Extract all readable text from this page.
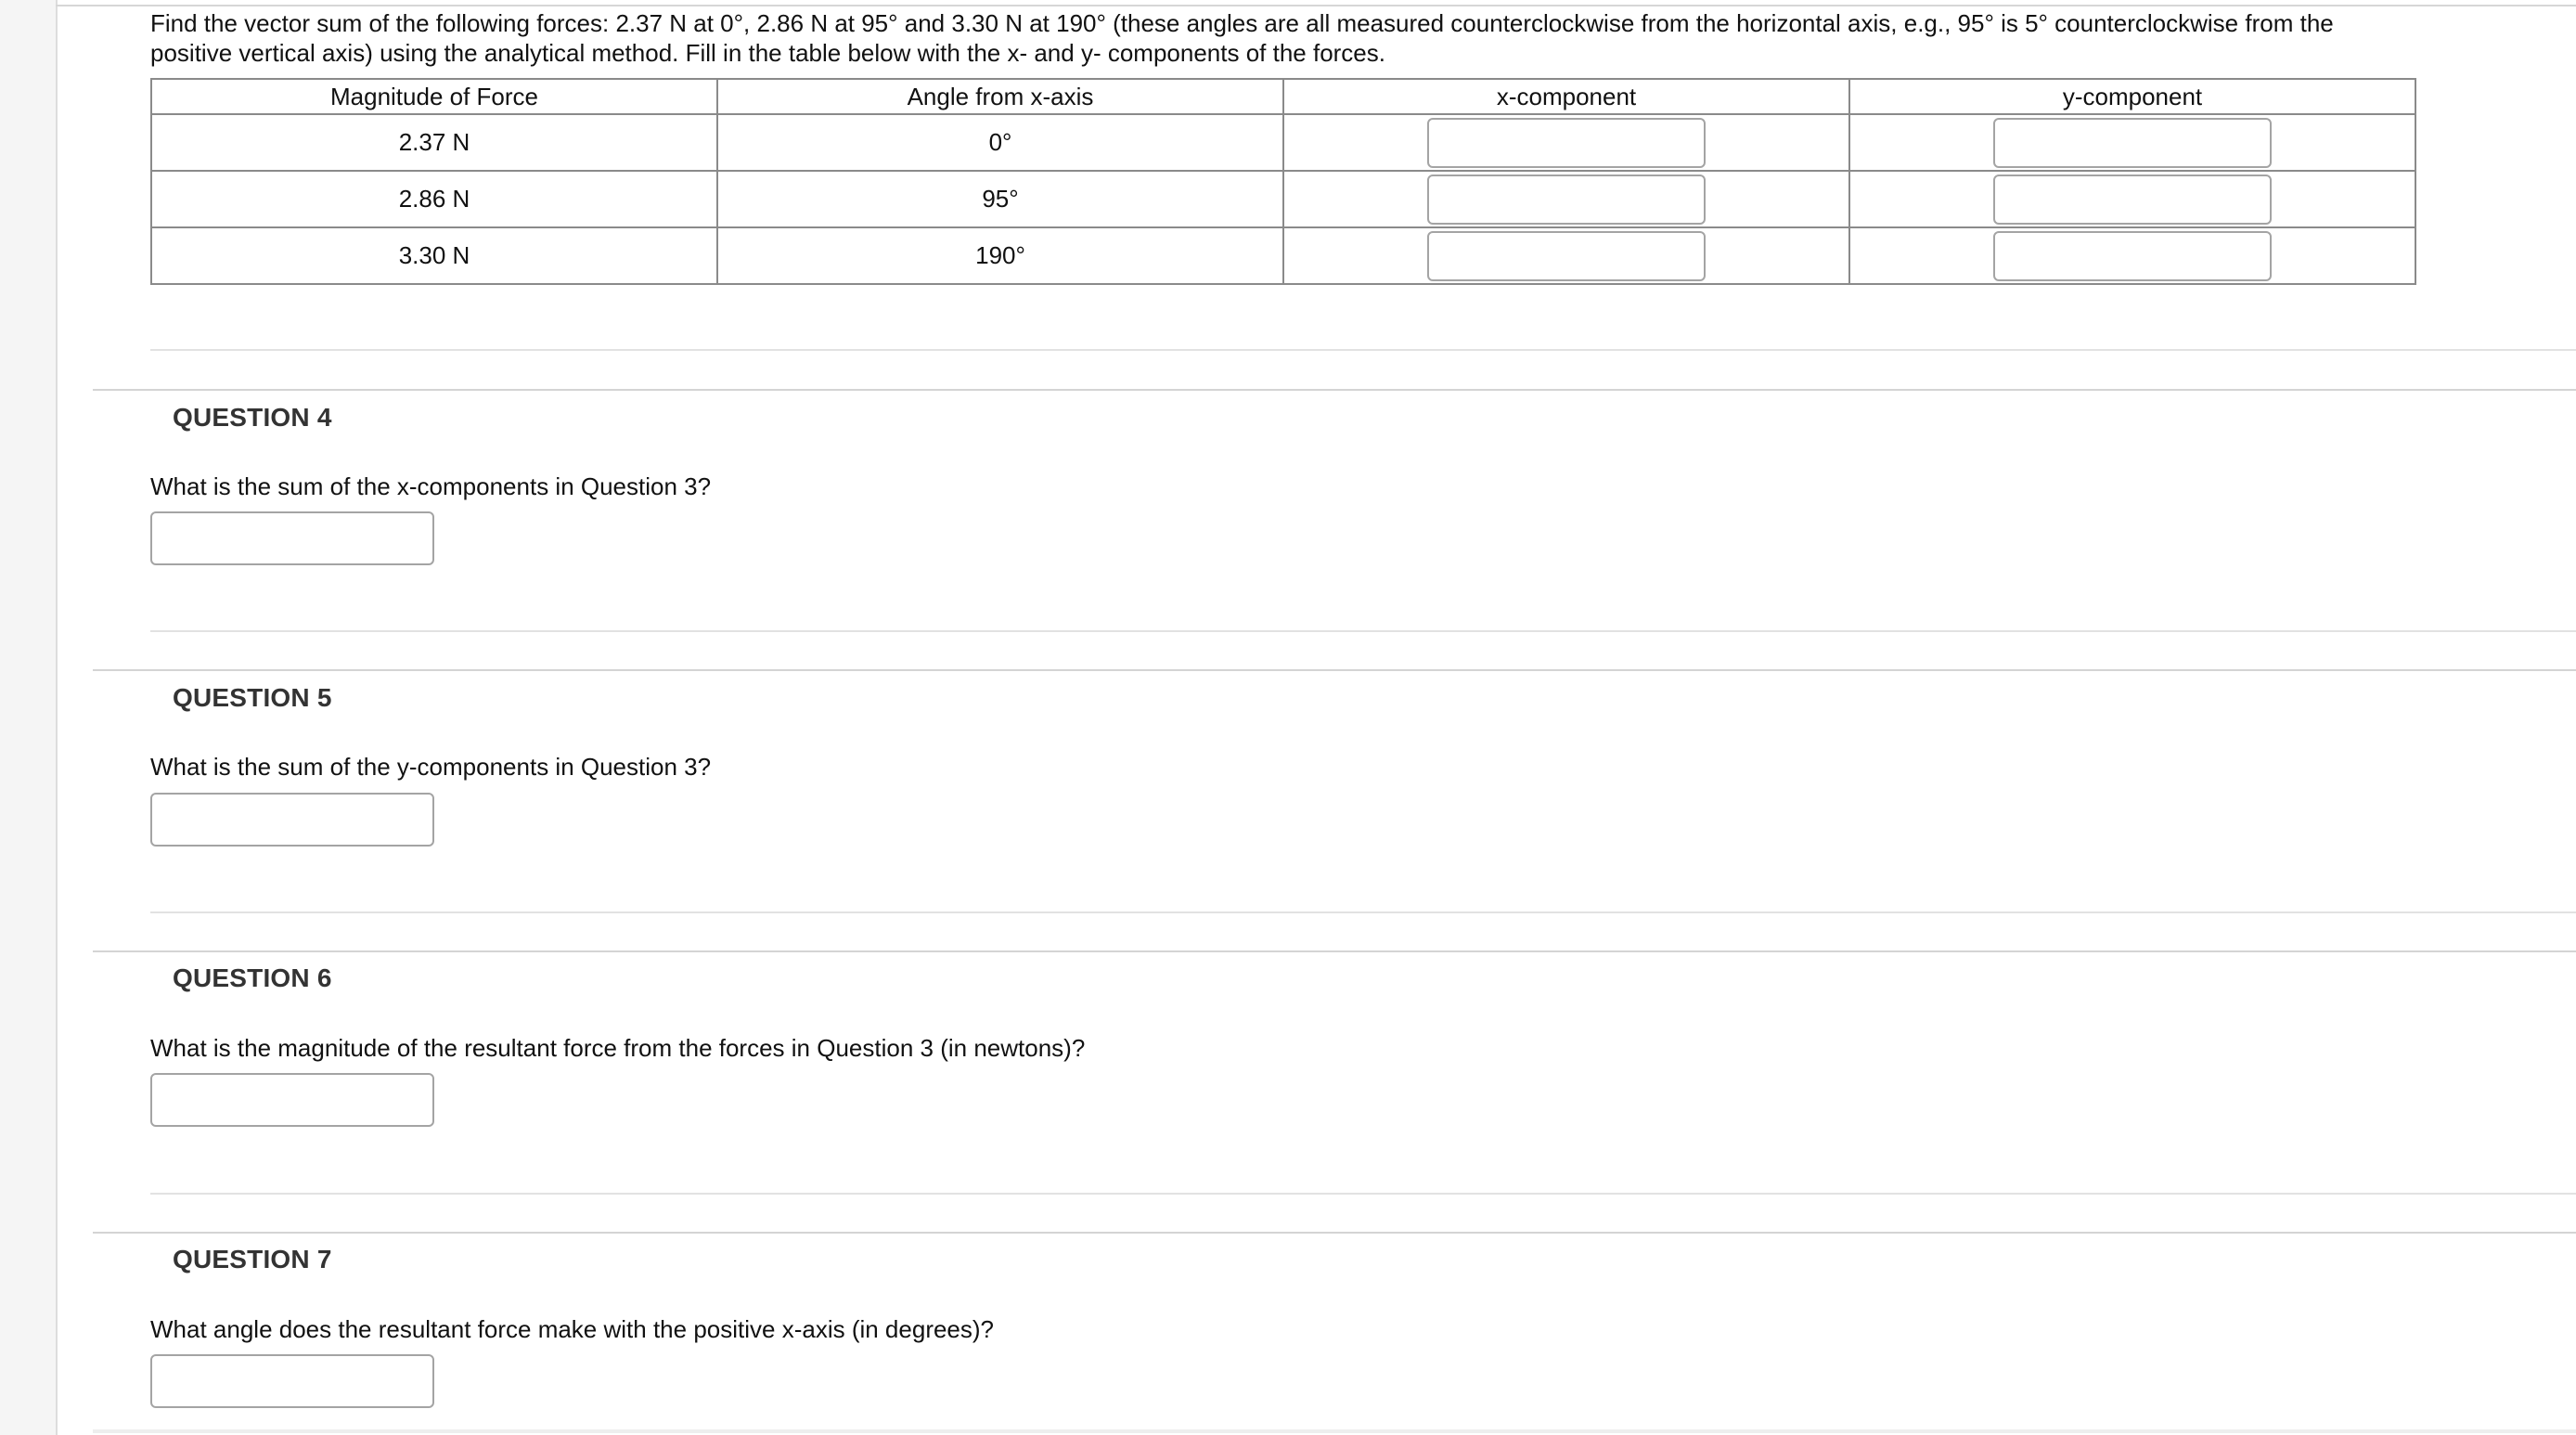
Find the vector sum of the following forces: 2.37 N at 0°, 2.86 N at 95° and 3.30 N at 190° (these angles are all measured counterclockwise from the horizontal axis, e.g., 95° is 5° counterclockwise from the positive vertical axis) using the analytical method. Fill in the table below with the x- and y- components of the forces.
Magnitude of Force	Angle from x-axis	x-component	y-component
2.37 N	0°	

2.86 N	95°	

3.30 N	190°	

QUESTION 4
What is the sum of the x-components in Question 3?
QUESTION 5
What is the sum of the y-components in Question 3?
QUESTION 6
What is the magnitude of the resultant force from the forces in Question 3 (in newtons)?
QUESTION 7
What angle does the resultant force make with the positive x-axis (in degrees)?
